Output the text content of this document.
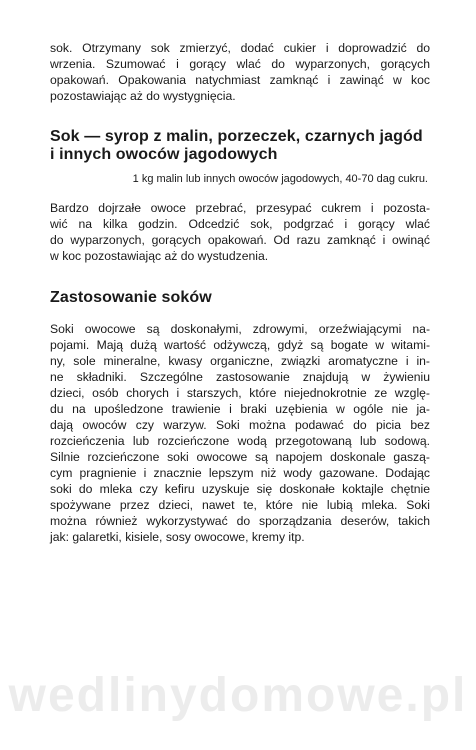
sok. Otrzymany sok zmierzyć, dodać cukier i doprowadzić do
wrzenia. Szumować i gorący wlać do wyparzonych, gorących
opakowań. Opakowania natychmiast zamknąć i zawinąć w koc
pozostawiając aż do wystygnięcia.
Sok — syrop z malin, porzeczek, czarnych jagód
i innych owoców jagodowych
1 kg malin lub innych owoców jagodowych, 40-70 dag cukru.
Bardzo dojrzałe owoce przebrać, przesypać cukrem i pozosta-
wić na kilka godzin. Odcedzić sok, podgrzać i gorący wlać
do wyparzonych, gorących opakowań. Od razu zamknąć i owinąć
w koc pozostawiając aż do wystudzenia.
Zastosowanie soków
Soki owocowe są doskonałymi, zdrowymi, orzeźwiającymi na-
pojami. Mają dużą wartość odżywczą, gdyż są bogate w witami-
ny, sole mineralne, kwasy organiczne, związki aromatyczne i in-
ne składniki. Szczególne zastosowanie znajdują w żywieniu
dzieci, osób chorych i starszych, które niejednokrotnie ze wzglę-
du na upośledzone trawienie i braki uzębienia w ogóle nie ja-
dają owoców czy warzyw. Soki można podawać do picia bez
rozcieńczenia lub rozcieńczone wodą przegotowaną lub sodową.
Silnie rozcieńczone soki owocowe są napojem doskonale gaszą-
cym pragnienie i znacznie lepszym niż wody gazowane. Dodając
soki do mleka czy kefiru uzyskuje się doskonałe koktajle chętnie
spożywane przez dzieci, nawet te, które nie lubią mleka. Soki
można również wykorzystywać do sporządzania deserów, takich
jak: galaretki, kisiele, sosy owocowe, kremy itp.
wedlinydomowe.pl
